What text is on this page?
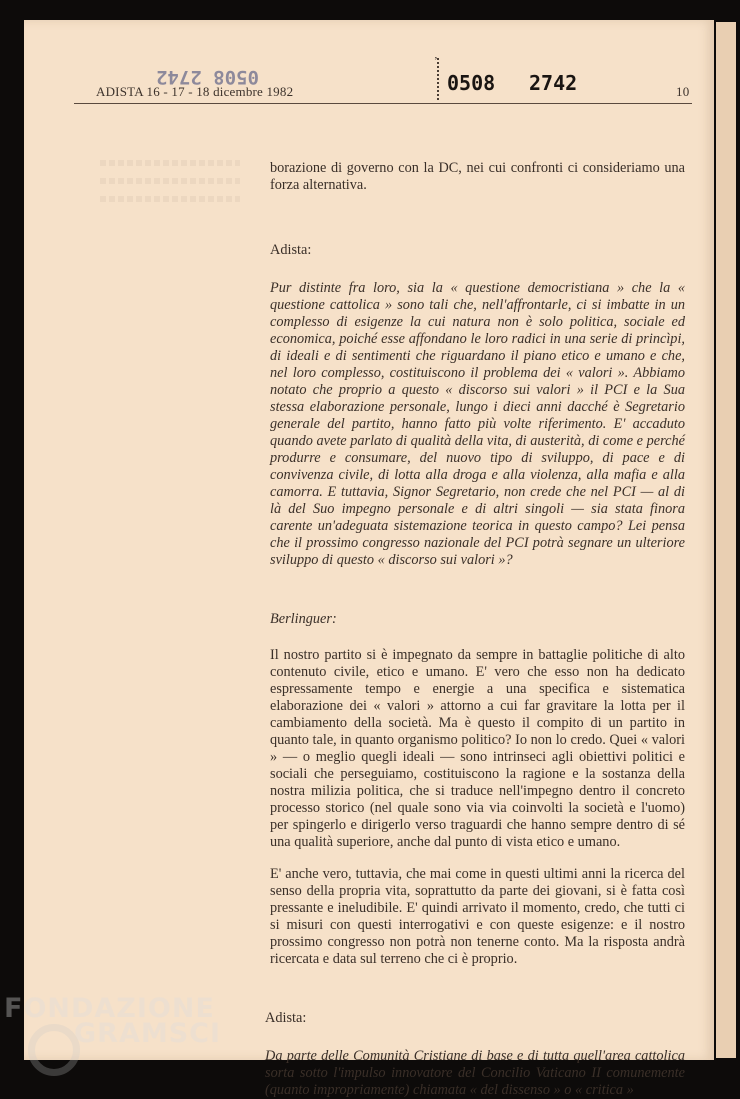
ADISTA 16 - 17 - 18 dicembre 1982	10
0508 2742
’
0508 2742

borazione di governo con la DC, nei cui confronti ci consideriamo una forza alternativa.

Adista:

Pur distinte fra loro, sia la « questione democristiana » che la « questione cattolica » sono tali che, nell'affrontarle, ci si imbatte in un complesso di esigenze la cui natura non è solo politica, sociale ed economica, poiché esse affondano le loro radici in una serie di princìpi, di ideali e di sentimenti che riguardano il piano etico e umano e che, nel loro complesso, costituiscono il problema dei « valori ». Abbiamo notato che proprio a questo « discorso sui valori » il PCI e la Sua stessa elaborazione personale, lungo i dieci anni dacché è Segretario generale del partito, hanno fatto più volte riferimento. E' accaduto quando avete parlato di qualità della vita, di austerità, di come e perché produrre e consumare, del nuovo tipo di sviluppo, di pace e di convivenza civile, di lotta alla droga e alla violenza, alla mafia e alla camorra. E tuttavia, Signor Segretario, non crede che nel PCI — al di là del Suo impegno personale e di altri singoli — sia stata finora carente un'adeguata sistemazione teorica in questo campo? Lei pensa che il prossimo congresso nazionale del PCI potrà segnare un ulteriore sviluppo di questo « discorso sui valori »?

Berlinguer:

Il nostro partito si è impegnato da sempre in battaglie politiche di alto contenuto civile, etico e umano. E' vero che esso non ha dedicato espressamente tempo e energie a una specifica e sistematica elaborazione dei « valori » attorno a cui far gravitare la lotta per il cambiamento della società. Ma è questo il compito di un partito in quanto tale, in quanto organismo politico? Io non lo credo. Quei « valori » — o meglio quegli ideali — sono intrinseci agli obiettivi politici e sociali che perseguiamo, costituiscono la ragione e la sostanza della nostra milizia politica, che si traduce nell'impegno dentro il concreto processo storico (nel quale sono via via coinvolti la società e l'uomo) per spingerlo e dirigerlo verso traguardi che hanno sempre dentro di sé una qualità superiore, anche dal punto di vista etico e umano.

E' anche vero, tuttavia, che mai come in questi ultimi anni la ricerca del senso della propria vita, soprattutto da parte dei giovani, si è fatta così pressante e ineludibile. E' quindi arrivato il momento, credo, che tutti ci si misuri con questi interrogativi e con queste esigenze: e il nostro prossimo congresso non potrà non tenerne conto. Ma la risposta andrà ricercata e data sul terreno che ci è proprio.

Adista:

Da parte delle Comunità Cristiane di base e di tutta quell'area cattolica sorta sotto l'impulso innovatore del Concilio Vaticano II comunemente (quanto impropriamente) chiamata « del dissenso » o « critica »

FONDAZIONE
GRAMSCI
